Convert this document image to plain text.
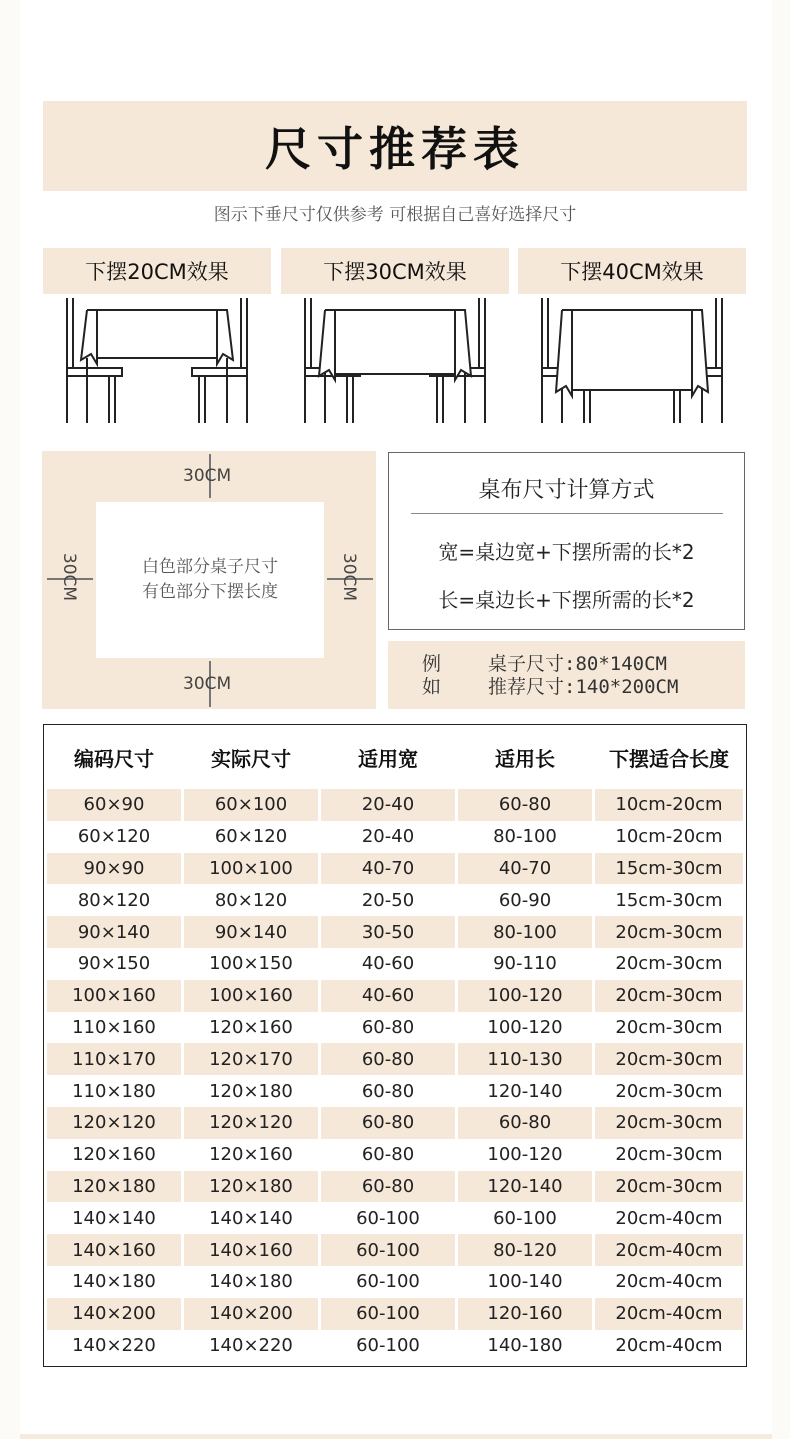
尺寸推荐表
图示下垂尺寸仅供参考 可根据自己喜好选择尺寸
下摆20CM效果	下摆30CM效果	下摆40CM效果
白色部分桌子尺寸
有色部分下摆长度
30CM
30CM
30CM	30CM
桌布尺寸计算方式
宽=桌边宽+下摆所需的长*2
长=桌边长+下摆所需的长*2
例
如
桌子尺寸:80*140CM
推荐尺寸:140*200CM
编码尺寸	实际尺寸	适用宽	适用长	下摆适合长度
60×90	60×100	20-40	60-80	10cm-20cm
60×120	60×120	20-40	80-100	10cm-20cm
90×90	100×100	40-70	40-70	15cm-30cm
80×120	80×120	20-50	60-90	15cm-30cm
90×140	90×140	30-50	80-100	20cm-30cm
90×150	100×150	40-60	90-110	20cm-30cm
100×160	100×160	40-60	100-120	20cm-30cm
110×160	120×160	60-80	100-120	20cm-30cm
110×170	120×170	60-80	110-130	20cm-30cm
110×180	120×180	60-80	120-140	20cm-30cm
120×120	120×120	60-80	60-80	20cm-30cm
120×160	120×160	60-80	100-120	20cm-30cm
120×180	120×180	60-80	120-140	20cm-30cm
140×140	140×140	60-100	60-100	20cm-40cm
140×160	140×160	60-100	80-120	20cm-40cm
140×180	140×180	60-100	100-140	20cm-40cm
140×200	140×200	60-100	120-160	20cm-40cm
140×220	140×220	60-100	140-180	20cm-40cm
